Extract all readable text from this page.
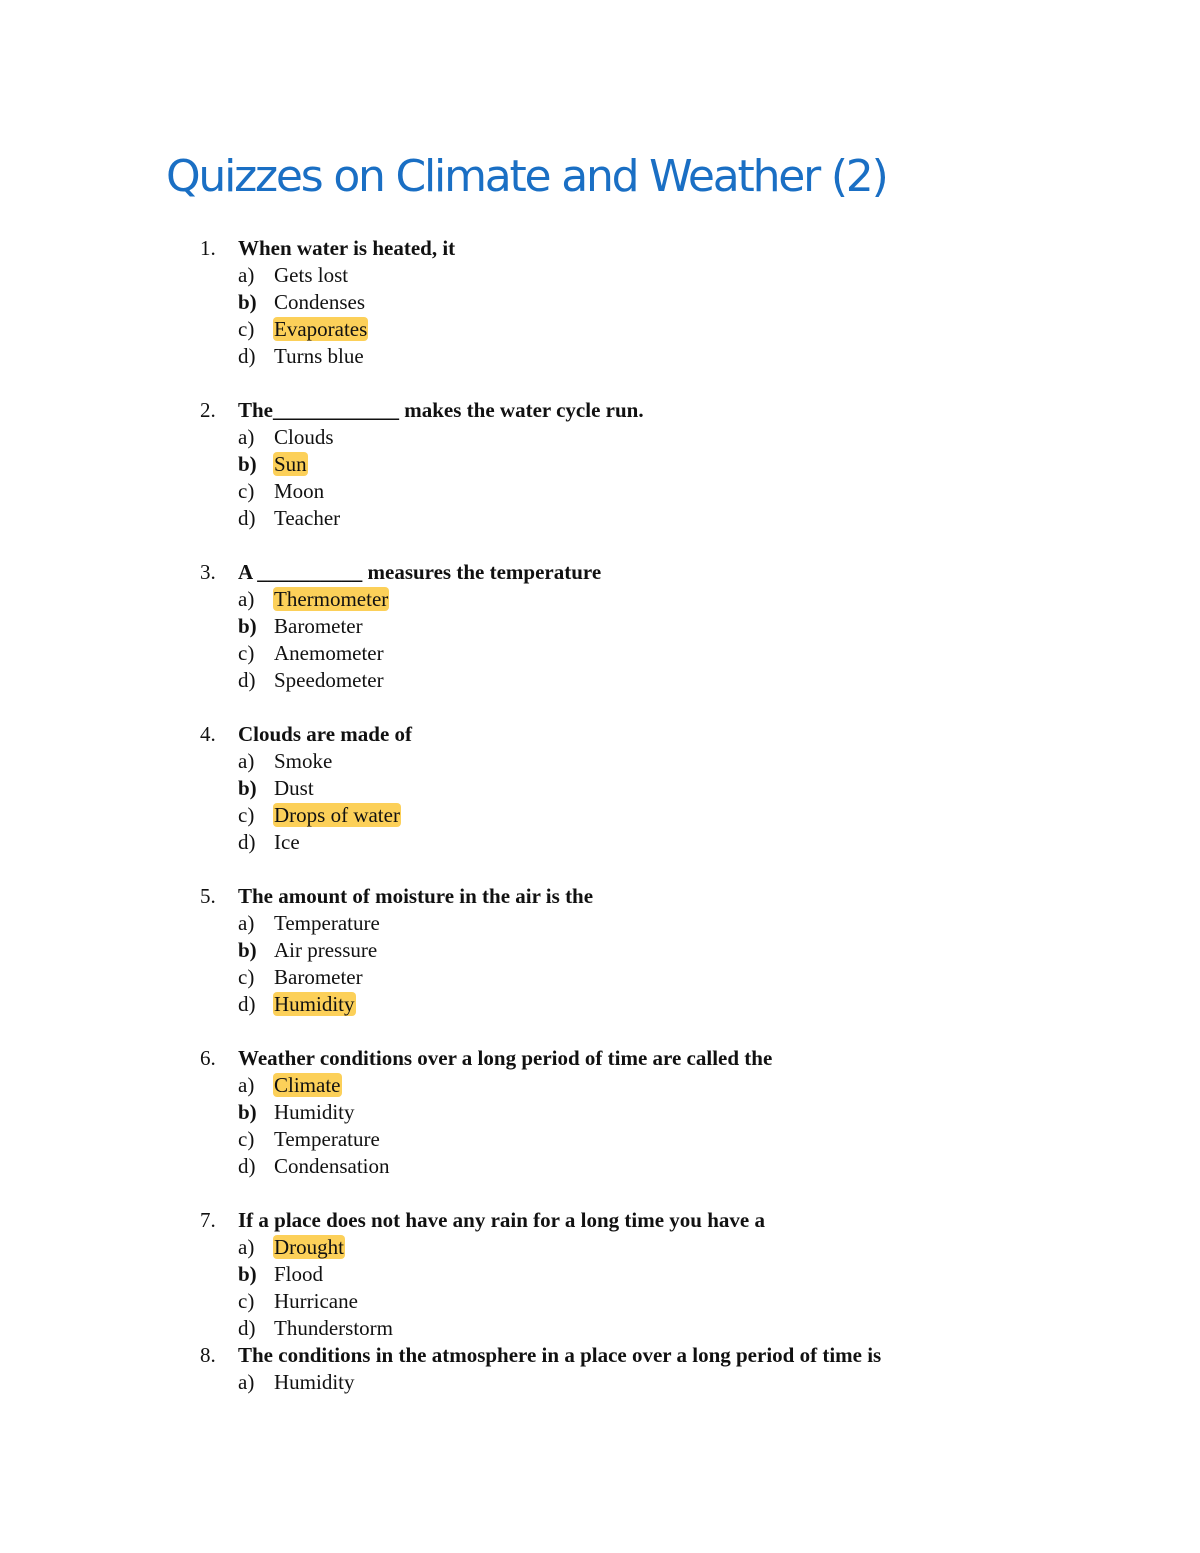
Quizzes on Climate and Weather (2)
1. When water is heated, it
a) Gets lost
b) Condenses
c) Evaporates
d) Turns blue
2. The____________ makes the water cycle run.
a) Clouds
b) Sun
c) Moon
d) Teacher
3. A __________ measures the temperature
a) Thermometer
b) Barometer
c) Anemometer
d) Speedometer
4. Clouds are made of
a) Smoke
b) Dust
c) Drops of water
d) Ice
5. The amount of moisture in the air is the
a) Temperature
b) Air pressure
c) Barometer
d) Humidity
6. Weather conditions over a long period of time are called the
a) Climate
b) Humidity
c) Temperature
d) Condensation
7. If a place does not have any rain for a long time you have a
a) Drought
b) Flood
c) Hurricane
d) Thunderstorm
8. The conditions in the atmosphere in a place over a long period of time is
a) Humidity
